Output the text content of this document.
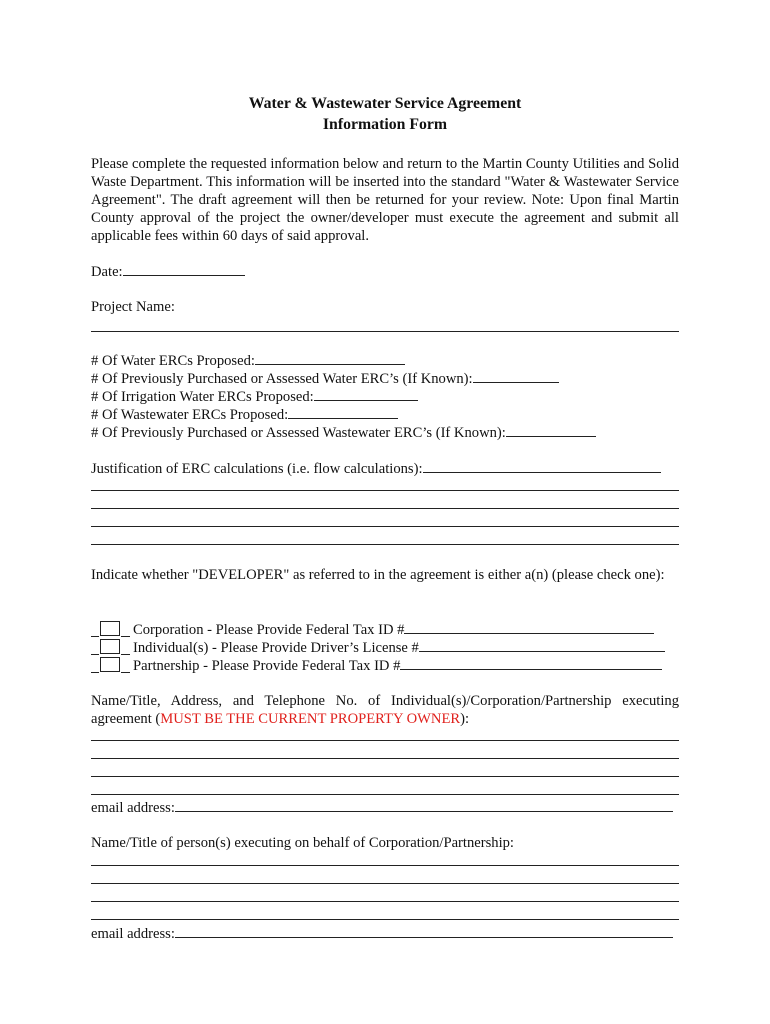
Water & Wastewater Service Agreement
Information Form
Please complete the requested information below and return to the Martin County Utilities and Solid Waste Department. This information will be inserted into the standard "Water & Wastewater Service Agreement". The draft agreement will then be returned for your review. Note: Upon final Martin County approval of the project the owner/developer must execute the agreement and submit all applicable fees within 60 days of said approval.
Date:
Project Name:
# Of Water ERCs Proposed:
# Of Previously Purchased or Assessed Water ERC’s (If Known):
# Of Irrigation Water ERCs Proposed:
# Of Wastewater ERCs Proposed:
# Of Previously Purchased or Assessed Wastewater ERC’s (If Known):
Justification of ERC calculations (i.e. flow calculations):
Indicate whether "DEVELOPER" as referred to in the agreement is either a(n) (please check one):
Corporation - Please Provide Federal Tax ID #
Individual(s) - Please Provide Driver’s License #
Partnership - Please Provide Federal Tax ID #
Name/Title, Address, and Telephone No. of Individual(s)/Corporation/Partnership executing agreement (MUST BE THE CURRENT PROPERTY OWNER):
email address:
Name/Title of person(s) executing on behalf of Corporation/Partnership:
email address:
